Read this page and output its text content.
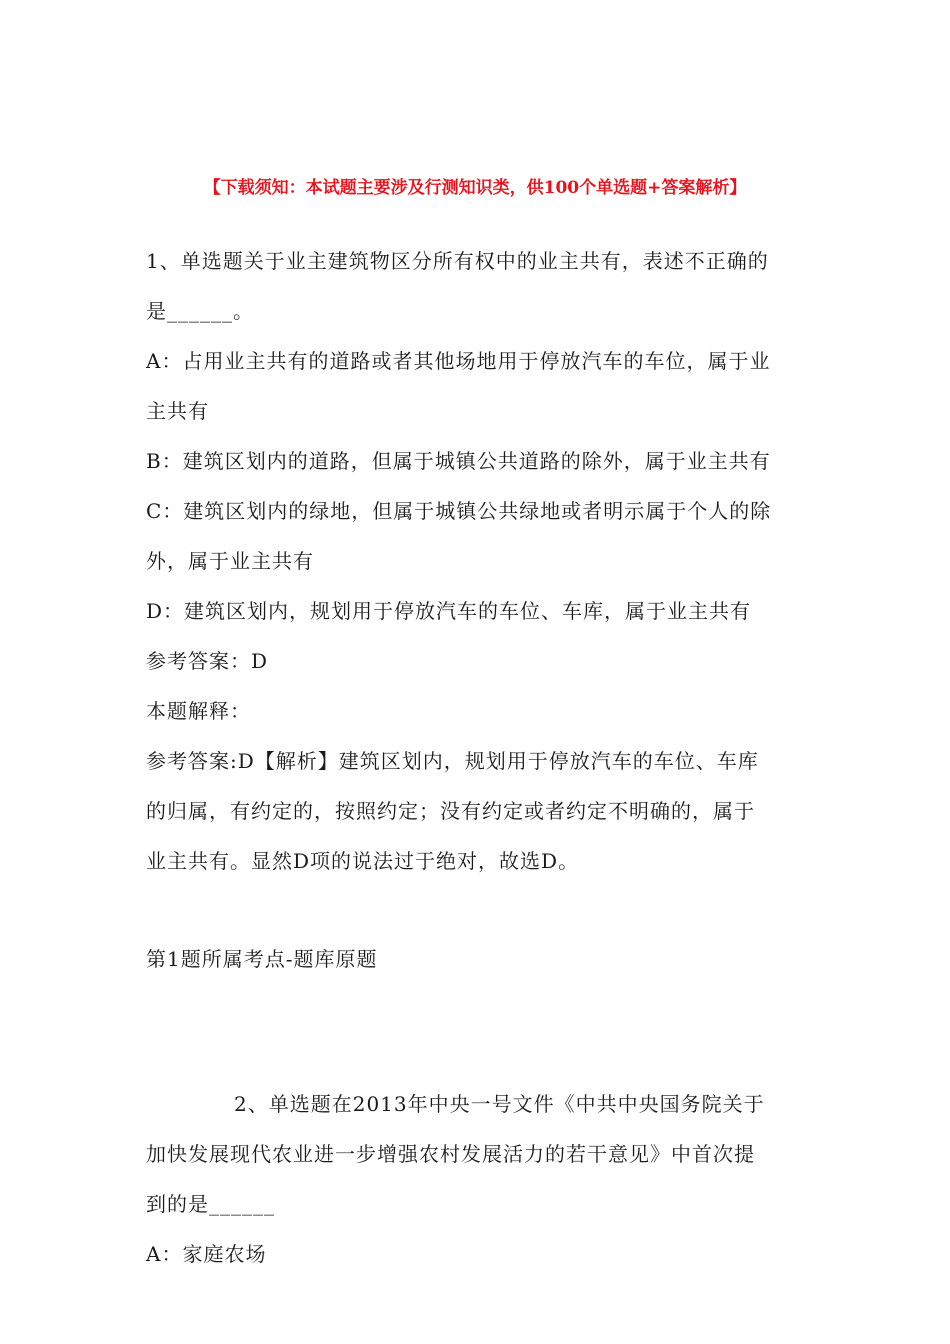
【下载须知：本试题主要涉及行测知识类，供100个单选题+答案解析】
1、单选题关于业主建筑物区分所有权中的业主共有，表述不正确的
是______。
A：占用业主共有的道路或者其他场地用于停放汽车的车位，属于业
主共有
B：建筑区划内的道路，但属于城镇公共道路的除外，属于业主共有
C：建筑区划内的绿地，但属于城镇公共绿地或者明示属于个人的除
外，属于业主共有
D：建筑区划内，规划用于停放汽车的车位、车库，属于业主共有
参考答案：D
本题解释：
参考答案:D【解析】建筑区划内，规划用于停放汽车的车位、车库
的归属，有约定的，按照约定；没有约定或者约定不明确的，属于
业主共有。显然D项的说法过于绝对，故选D。
第1题所属考点-题库原题
2、单选题在2013年中央一号文件《中共中央国务院关于
加快发展现代农业进一步增强农村发展活力的若干意见》中首次提
到的是______
A：家庭农场
